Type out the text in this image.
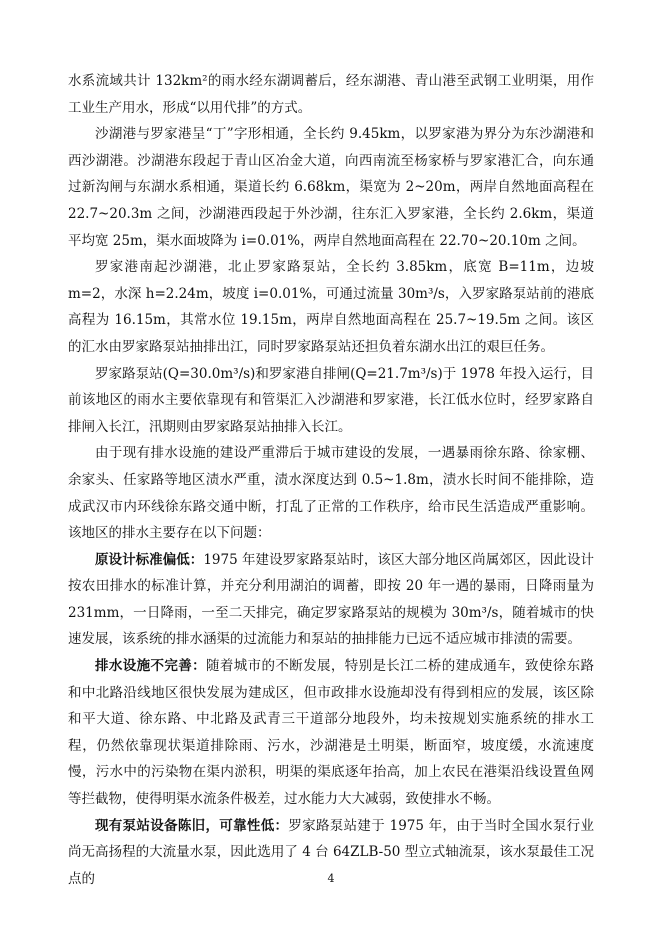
水系流域共计 132km²的雨水经东湖调蓄后，经东湖港、青山港至武钢工业明渠，用作工业生产用水，形成“以用代排”的方式。

沙湖港与罗家港呈“丁”字形相通，全长约 9.45km，以罗家港为界分为东沙湖港和西沙湖港。沙湖港东段起于青山区冶金大道，向西南流至杨家桥与罗家港汇合，向东通过新沟闸与东湖水系相通，渠道长约 6.68km，渠宽为 2~20m，两岸自然地面高程在 22.7~20.3m 之间，沙湖港西段起于外沙湖，往东汇入罗家港，全长约 2.6km，渠道平均宽 25m，渠水面坡降为 i=0.01%，两岸自然地面高程在 22.70~20.10m 之间。

罗家港南起沙湖港，北止罗家路泵站，全长约 3.85km，底宽 B=11m，边坡 m=2，水深 h=2.24m，坡度 i=0.01%，可通过流量 30m³/s，入罗家路泵站前的港底高程为 16.15m，其常水位 19.15m，两岸自然地面高程在 25.7~19.5m 之间。该区的汇水由罗家路泵站抽排出江，同时罗家路泵站还担负着东湖水出江的艰巨任务。

罗家路泵站(Q=30.0m³/s)和罗家港自排闸(Q=21.7m³/s)于 1978 年投入运行，目前该地区的雨水主要依靠现有和管渠汇入沙湖港和罗家港，长江低水位时，经罗家路自排闸入长江，汛期则由罗家路泵站抽排入长江。

由于现有排水设施的建设严重滞后于城市建设的发展，一遇暴雨徐东路、徐家棚、余家头、任家路等地区渍水严重，渍水深度达到 0.5~1.8m，渍水长时间不能排除，造成武汉市内环线徐东路交通中断，打乱了正常的工作秩序，给市民生活造成严重影响。该地区的排水主要存在以下问题：

原设计标准偏低：1975 年建设罗家路泵站时，该区大部分地区尚属郊区，因此设计按农田排水的标准计算，并充分利用湖泊的调蓄，即按 20 年一遇的暴雨，日降雨量为 231mm，一日降雨，一至二天排完，确定罗家路泵站的规模为 30m³/s，随着城市的快速发展，该系统的排水涵渠的过流能力和泵站的抽排能力已远不适应城市排渍的需要。

排水设施不完善：随着城市的不断发展，特别是长江二桥的建成通车，致使徐东路和中北路沿线地区很快发展为建成区，但市政排水设施却没有得到相应的发展，该区除和平大道、徐东路、中北路及武青三干道部分地段外，均未按规划实施系统的排水工程，仍然依靠现状渠道排除雨、污水，沙湖港是土明渠，断面窄，坡度缓，水流速度慢，污水中的污染物在渠内淤积，明渠的渠底逐年抬高，加上农民在港渠沿线设置鱼网等拦截物，使得明渠水流条件极差，过水能力大大减弱，致使排水不畅。

现有泵站设备陈旧，可靠性低：罗家路泵站建于 1975 年，由于当时全国水泵行业尚无高扬程的大流量水泵，因此选用了 4 台 64ZLB-50 型立式轴流泵，该水泵最佳工况点的	4
